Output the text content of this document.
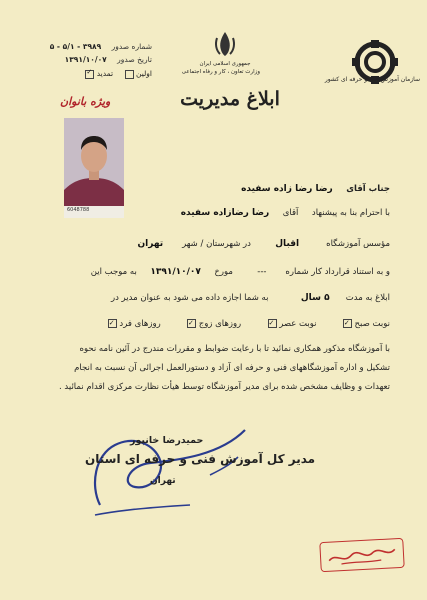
سازمان آموزش فنی و حرفه ای کشور
جمهوری اسلامی ایران
وزارت تعاون ، کار و رفاه اجتماعی
شماره صدور ۳۹۸۹ - ۵/۱ - ۵
تاریخ صدور ۱۳۹۱/۱۰/۰۷
اولین     تمدید ✓
ویژه بانوان	ابلاغ مدیریت
6048788
جناب آقای     رضا رضا زاده سفیده
با احترام بنا به پیشنهاد     آقای     رضا رضازاده سفیده
مؤسس آموزشگاه          اقبال         در شهرستان / شهر       تهران
و به استناد قرارداد کار شماره       ---         مورخ     ۱۳۹۱/۱۰/۰۷     به موجب این
ابلاغ به مدت      ۵ سال            به شما اجازه داده می شود به عنوان مدیر در
نوبت صبح ✓         نوبت عصر ✓         روزهای زوج ✓         روزهای فرد ✓
با آموزشگاه مذکور همکاری نمائید تا با رعایت ضوابط و مقررات مندرج در آئین نامه نحوه
تشکیل و اداره آموزشگاههای فنی و حرفه ای آزاد و دستورالعمل اجرائی آن نسبت به انجام
تعهدات و وظایف مشخص شده برای مدیر آموزشگاه توسط هیأت نظارت مرکزی اقدام نمائید .
حمیدرضا خانپور
مدیر کل آموزش فنی و حرفه ای استان
تهران
